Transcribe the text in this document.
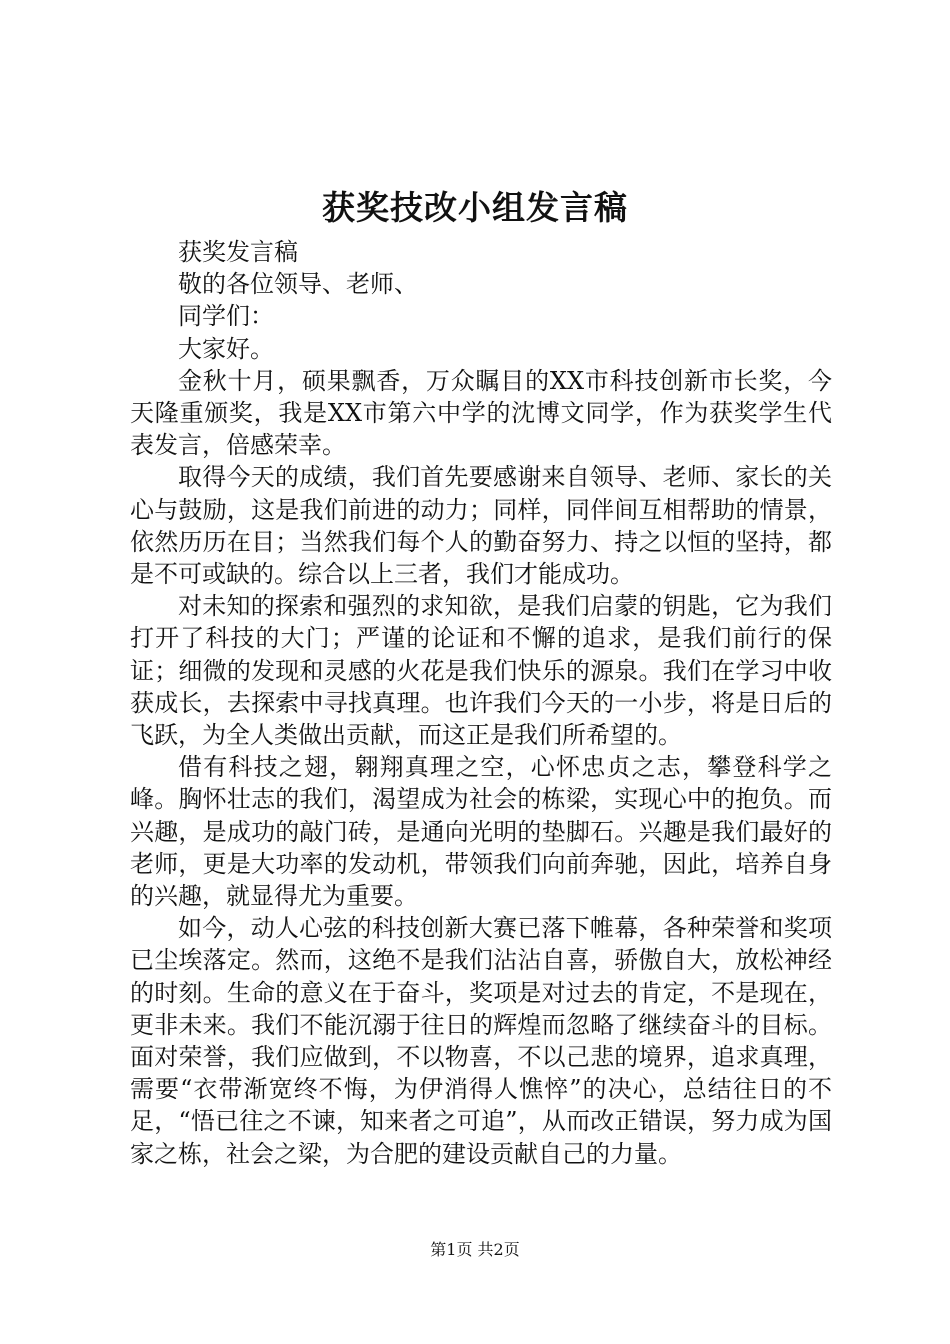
获奖技改小组发言稿

获奖发言稿

敬的各位领导、老师、

同学们：

大家好。

金秋十月，硕果飘香，万众瞩目的XX市科技创新市长奖，今天隆重颁奖，我是XX市第六中学的沈博文同学，作为获奖学生代表发言，倍感荣幸。

取得今天的成绩，我们首先要感谢来自领导、老师、家长的关心与鼓励，这是我们前进的动力；同样，同伴间互相帮助的情景，依然历历在目；当然我们每个人的勤奋努力、持之以恒的坚持，都是不可或缺的。综合以上三者，我们才能成功。

对未知的探索和强烈的求知欲，是我们启蒙的钥匙，它为我们打开了科技的大门；严谨的论证和不懈的追求，是我们前行的保证；细微的发现和灵感的火花是我们快乐的源泉。我们在学习中收获成长，去探索中寻找真理。也许我们今天的一小步，将是日后的飞跃，为全人类做出贡献，而这正是我们所希望的。

借有科技之翅，翱翔真理之空，心怀忠贞之志，攀登科学之峰。胸怀壮志的我们，渴望成为社会的栋梁，实现心中的抱负。而兴趣，是成功的敲门砖，是通向光明的垫脚石。兴趣是我们最好的老师，更是大功率的发动机，带领我们向前奔驰，因此，培养自身的兴趣，就显得尤为重要。

如今，动人心弦的科技创新大赛已落下帷幕，各种荣誉和奖项已尘埃落定。然而，这绝不是我们沾沾自喜，骄傲自大，放松神经的时刻。生命的意义在于奋斗，奖项是对过去的肯定，不是现在，更非未来。我们不能沉溺于往日的辉煌而忽略了继续奋斗的目标。面对荣誉，我们应做到，不以物喜，不以己悲的境界，追求真理，需要“衣带渐宽终不悔，为伊消得人憔悴”的决心，总结往日的不足，“悟已往之不谏，知来者之可追”，从而改正错误，努力成为国家之栋，社会之梁，为合肥的建设贡献自己的力量。

第1页 共2页
